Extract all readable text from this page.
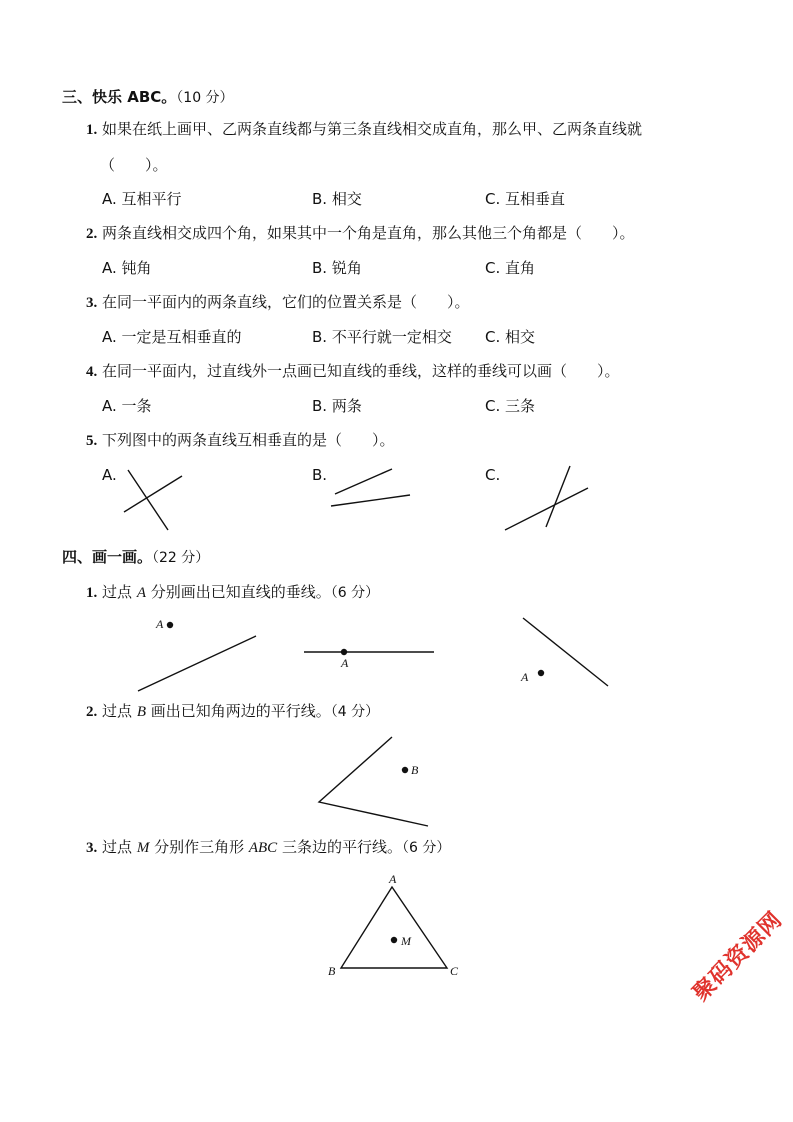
三、快乐 ABC。（10 分）
1. 如果在纸上画甲、乙两条直线都与第三条直线相交成直角，那么甲、乙两条直线就
（　　）。
A. 互相平行	B. 相交	C. 互相垂直
2. 两条直线相交成四个角，如果其中一个角是直角，那么其他三个角都是（　　）。
A. 钝角	B. 锐角	C. 直角
3. 在同一平面内的两条直线，它们的位置关系是（　　）。
A. 一定是互相垂直的	B. 不平行就一定相交 C. 相交
4. 在同一平面内，过直线外一点画已知直线的垂线，这样的垂线可以画（　　）。
A. 一条	B. 两条	C. 三条
5. 下列图中的两条直线互相垂直的是（　　）。
A.	B.	C.
四、画一画。（22 分）
1. 过点 A 分别画出已知直线的垂线。（6 分）
2. 过点 B 画出已知角两边的平行线。（4 分）
3. 过点 M 分别作三角形 ABC 三条边的平行线。（6 分）
A
A
A
B
M
A
B	C	聚码资源网
